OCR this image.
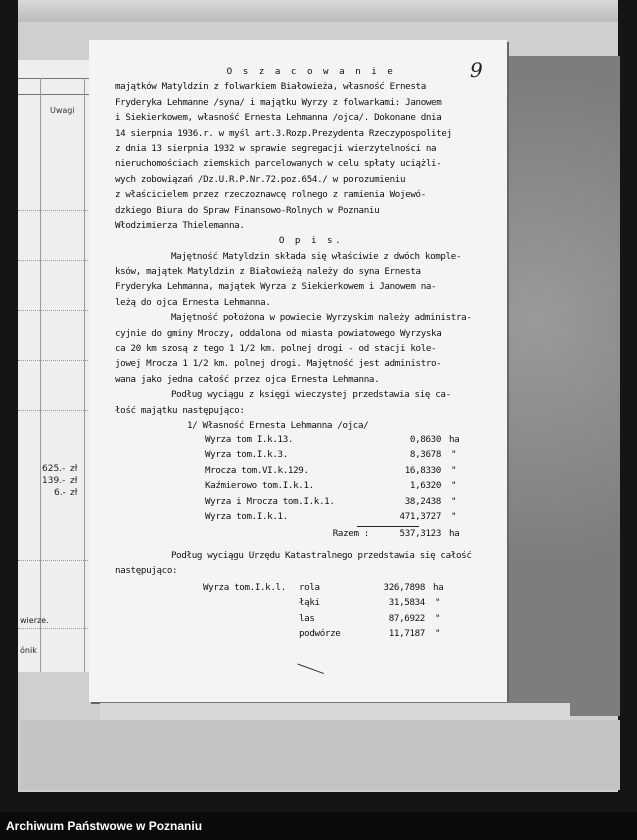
Uwagi
625.- zł
139.- zł
6.- zł
wierze.
ónik
9
O s z a c o w a n i e
majątków Matyldzin z folwarkiem Białowieża, własność Ernesta
Fryderyka Lehmanne /syna/ i majątku Wyrzy z folwarkami: Janowem
i Siekierkowem, własność Ernesta Lehmanna /ojca/. Dokonane dnia
14 sierpnia 1936.r. w myśl art.3.Rozp.Prezydenta Rzeczypospolitej
z dnia 13 sierpnia 1932 w sprawie segregacji wierzytelności na
nieruchomościach ziemskich parcelowanych w celu spłaty uciążli-
wych zobowiązań /Dz.U.R.P.Nr.72.poz.654./ w porozumieniu
z właścicielem przez rzeczoznawcę rolnego z ramienia Wojewó-
dzkiego Biura do Spraw Finansowo-Rolnych w Poznaniu
Włodzimierza Thielemanna.
O p i s.
Majętność Matyldzin składa się właściwie z dwóch komple-
ksów, majątek Matyldzin z Białowieżą należy do syna Ernesta
Fryderyka Lehmanna, majątek Wyrza z Siekierkowem i Janowem na-
leżą do ojca Ernesta Lehmanna.
Majętność położona w powiecie Wyrzyskim należy administra-
cyjnie do gminy Mroczy, oddalona od miasta powiatowego Wyrzyska
ca 20 km szosą z tego 1 1/2 km. polnej drogi - od stacji kole-
jowej Mrocza 1 1/2 km. polnej drogi. Majętność jest administro-
wana jako jedna całość przez ojca Ernesta Lehmanna.
Podług wyciągu z księgi wieczystej przedstawia się ca-
łość majątku następująco:
1/ Własność Ernesta Lehmanna /ojca/
Wyrza tom I.k.13.	0,8630 ha
Wyrza tom.I.k.3.	8,3678 "
Mrocza tom.VI.k.129.	16,8330 "
Kaźmierowo tom.I.k.1.	1,6320 "
Wyrza i Mrocza tom.I.k.1.	38,2438 "
Wyrza tom.I.k.1.	471,3727 "
Razem :	537,3123 ha
Podług wyciągu Urzędu Katastralnego przedstawia się całość
następująco:
Wyrza tom.I.k.l. rola	326,7898 ha
łąki	31,5834 "
las	87,6922 "
podwórze	11,7187 "
Archiwum Państwowe w Poznaniu
